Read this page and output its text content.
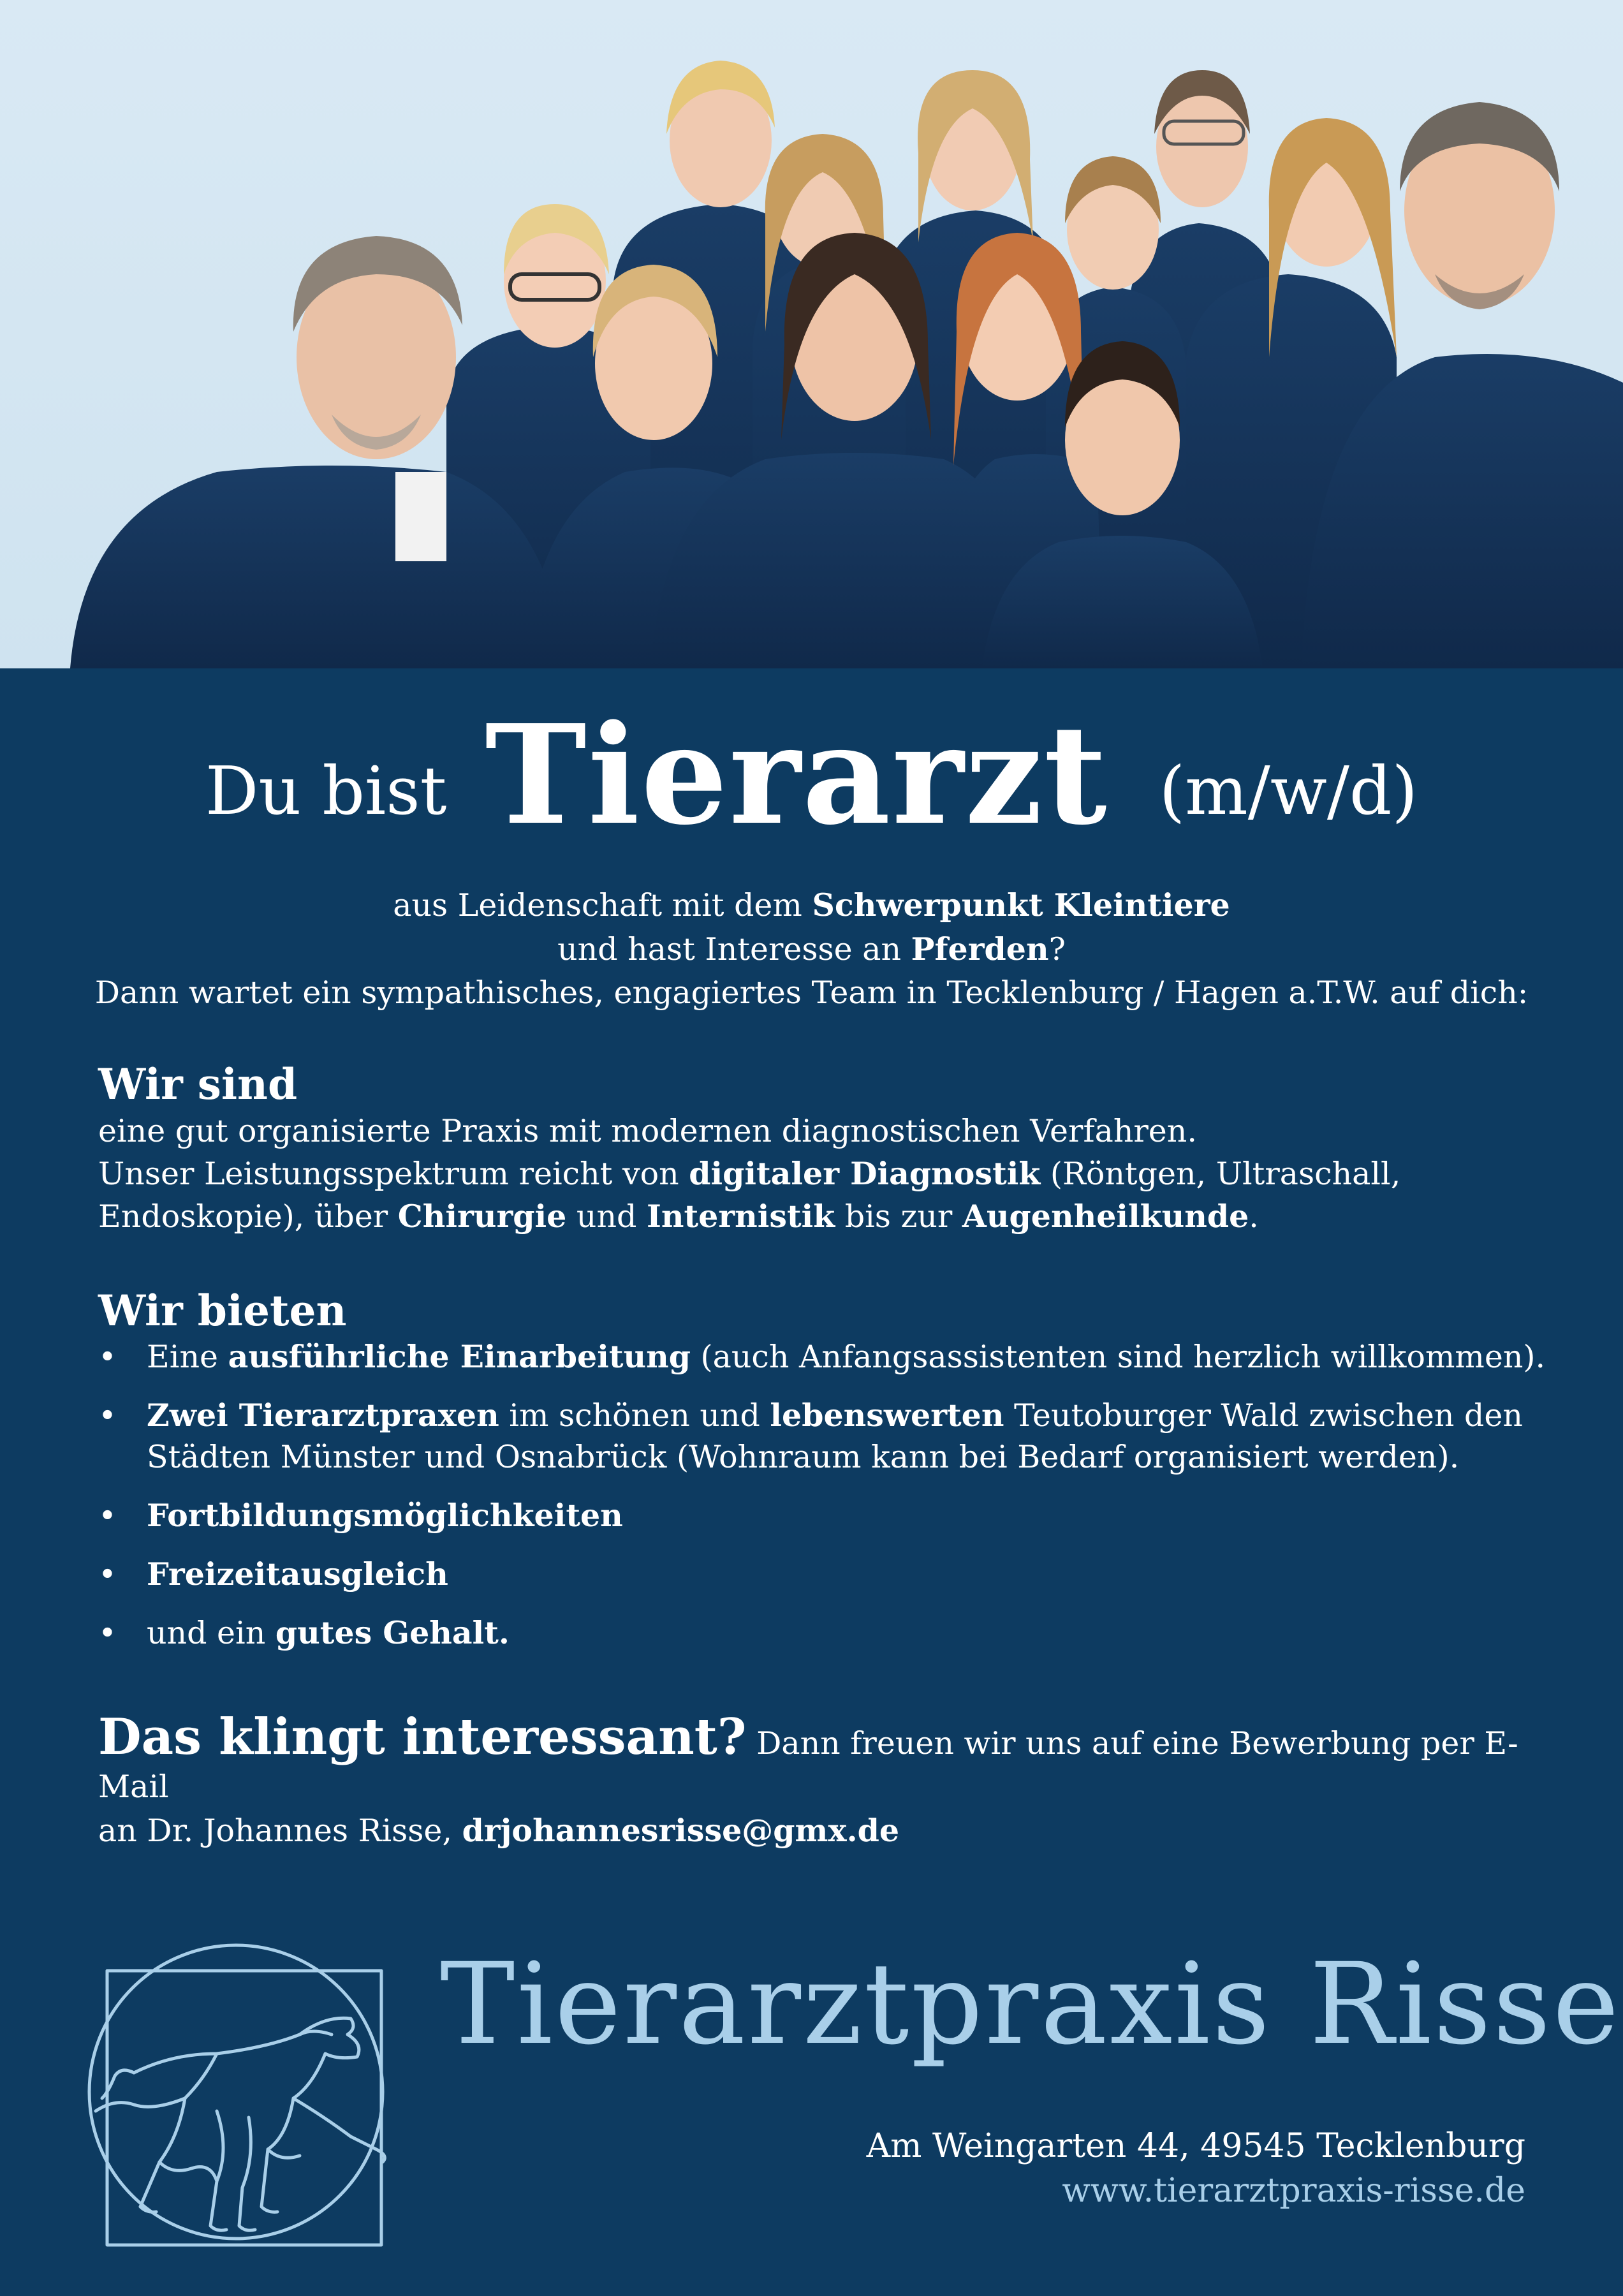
Du bist Tierarzt (m/w/d)

aus Leidenschaft mit dem Schwerpunkt Kleintiere

und hast Interesse an Pferden?

Dann wartet ein sympathisches, engagiertes Team in Tecklenburg / Hagen a.T.W. auf dich:

Wir sind

eine gut organisierte Praxis mit modernen diagnostischen Verfahren.

Unser Leistungsspektrum reicht von digitaler Diagnostik (Röntgen, Ultraschall,

Endoskopie), über Chirurgie und Internistik bis zur Augenheilkunde.

Wir bieten
• Eine ausführliche Einarbeitung (auch Anfangsassistenten sind herzlich willkommen).
• Zwei Tierarztpraxen im schönen und lebenswerten Teutoburger Wald zwischen den Städten Münster und Osnabrück (Wohnraum kann bei Bedarf organisiert werden).
• Fortbildungsmöglichkeiten
• Freizeitausgleich
• und ein gutes Gehalt.
Das klingt interessant? Dann freuen wir uns auf eine Bewerbung per E-Mail
an Dr. Johannes Risse, drjohannesrisse@gmx.de
Tierarztpraxis Risse
Am Weingarten 44, 49545 Tecklenburg
www.tierarztpraxis-risse.de
